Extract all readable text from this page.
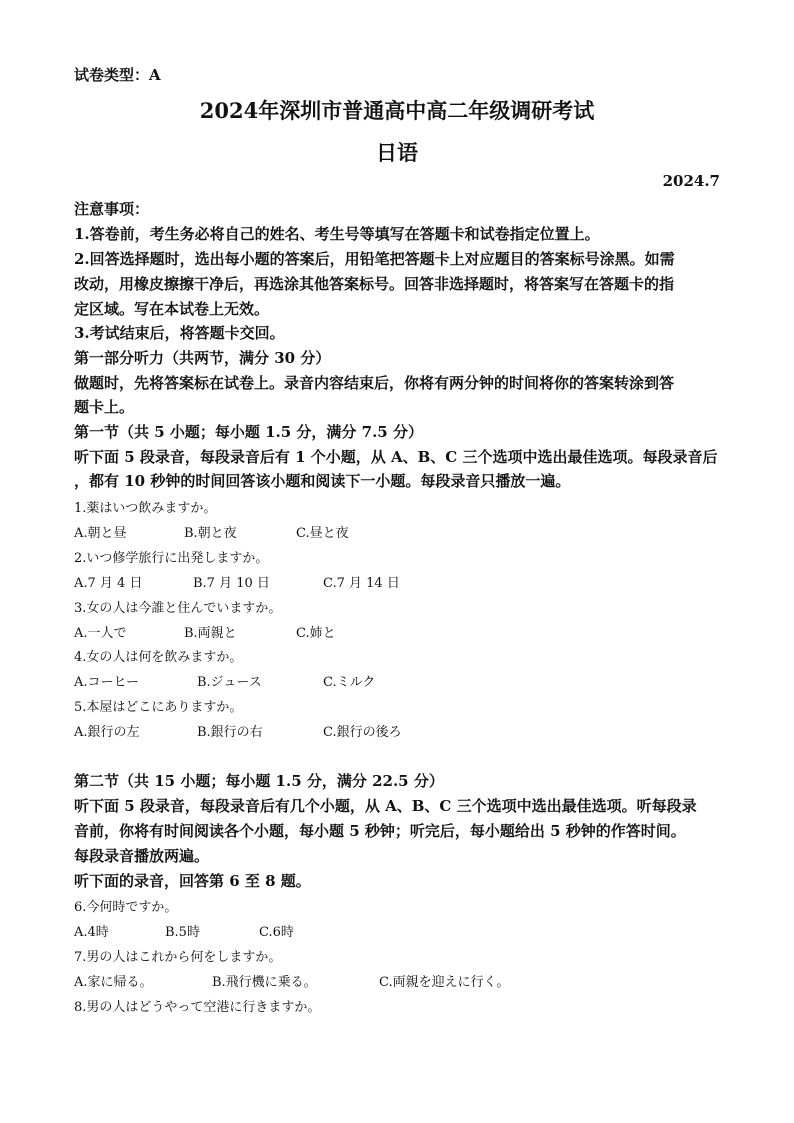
试卷类型：A
2024年深圳市普通高中高二年级调研考试
日语
2024.7
注意事项：
1.答卷前，考生务必将自己的姓名、考生号等填写在答题卡和试卷指定位置上。
2.回答选择题时，选出每小题的答案后，用铅笔把答题卡上对应题目的答案标号涂黑。如需
改动，用橡皮擦擦干净后，再选涂其他答案标号。回答非选择题时，将答案写在答题卡的指
定区域。写在本试卷上无效。
3.考试结束后，将答题卡交回。
第一部分听力（共两节，满分 30 分）
做题时，先将答案标在试卷上。录音内容结束后，你将有两分钟的时间将你的答案转涂到答
题卡上。
第一节（共 5 小题；每小题 1.5 分，满分 7.5 分）
听下面 5 段录音，每段录音后有 1 个小题，从 A、B、C 三个选项中选出最佳选项。每段录音后
，都有 10 秒钟的时间回答该小题和阅读下一小题。每段录音只播放一遍。
1.薬はいつ飲みますか。
A.朝と昼	B.朝と夜	C.昼と夜
2.いつ修学旅行に出発しますか。
A.7 月 4 日	B.7 月 10 日	C.7 月 14 日
3.女の人は今誰と住んでいますか。
A.一人で	B.両親と	C.姉と
4.女の人は何を飲みますか。
A.コーヒー	B.ジュース	C.ミルク
5.本屋はどこにありますか。
A.銀行の左	B.銀行の右	C.銀行の後ろ
第二节（共 15 小题；每小题 1.5 分，满分 22.5 分）
听下面 5 段录音，每段录音后有几个小题，从 A、B、C 三个选项中选出最佳选项。听每段录
音前，你将有时间阅读各个小题，每小题 5 秒钟；听完后，每小题给出 5 秒钟的作答时间。
每段录音播放两遍。
听下面的录音，回答第 6 至 8 题。
6.今何時ですか。
A.4時	B.5時	C.6時
7.男の人はこれから何をしますか。
A.家に帰る。	B.飛行機に乗る。	C.両親を迎えに行く。
8.男の人はどうやって空港に行きますか。
